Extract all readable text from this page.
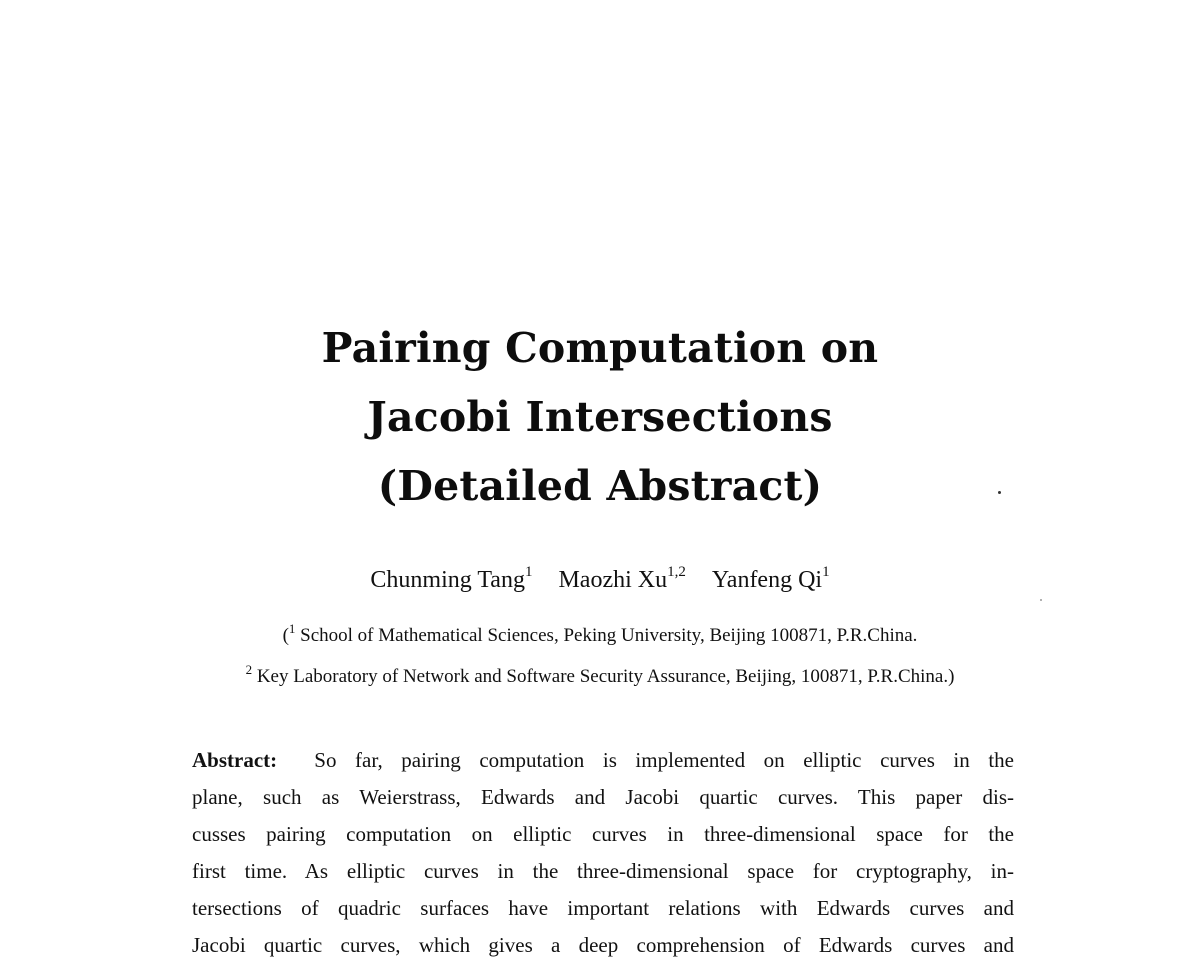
Pairing Computation on
Jacobi Intersections
(Detailed Abstract)
Chunming Tang$^1$ Maozhi Xu$^{1,2}$ Yanfeng Qi$^1$
($^1$ School of Mathematical Sciences, Peking University, Beijing 100871, P.R.China.
$^2$ Key Laboratory of Network and Software Security Assurance, Beijing, 100871, P.R.China.)
Abstract: So far, pairing computation is implemented on elliptic curves in the
plane, such as Weierstrass, Edwards and Jacobi quartic curves. This paper dis-
cusses pairing computation on elliptic curves in three-dimensional space for the
first time. As elliptic curves in the three-dimensional space for cryptography, in-
tersections of quadric surfaces have important relations with Edwards curves and
Jacobi quartic curves, which gives a deep comprehension of Edwards curves and
